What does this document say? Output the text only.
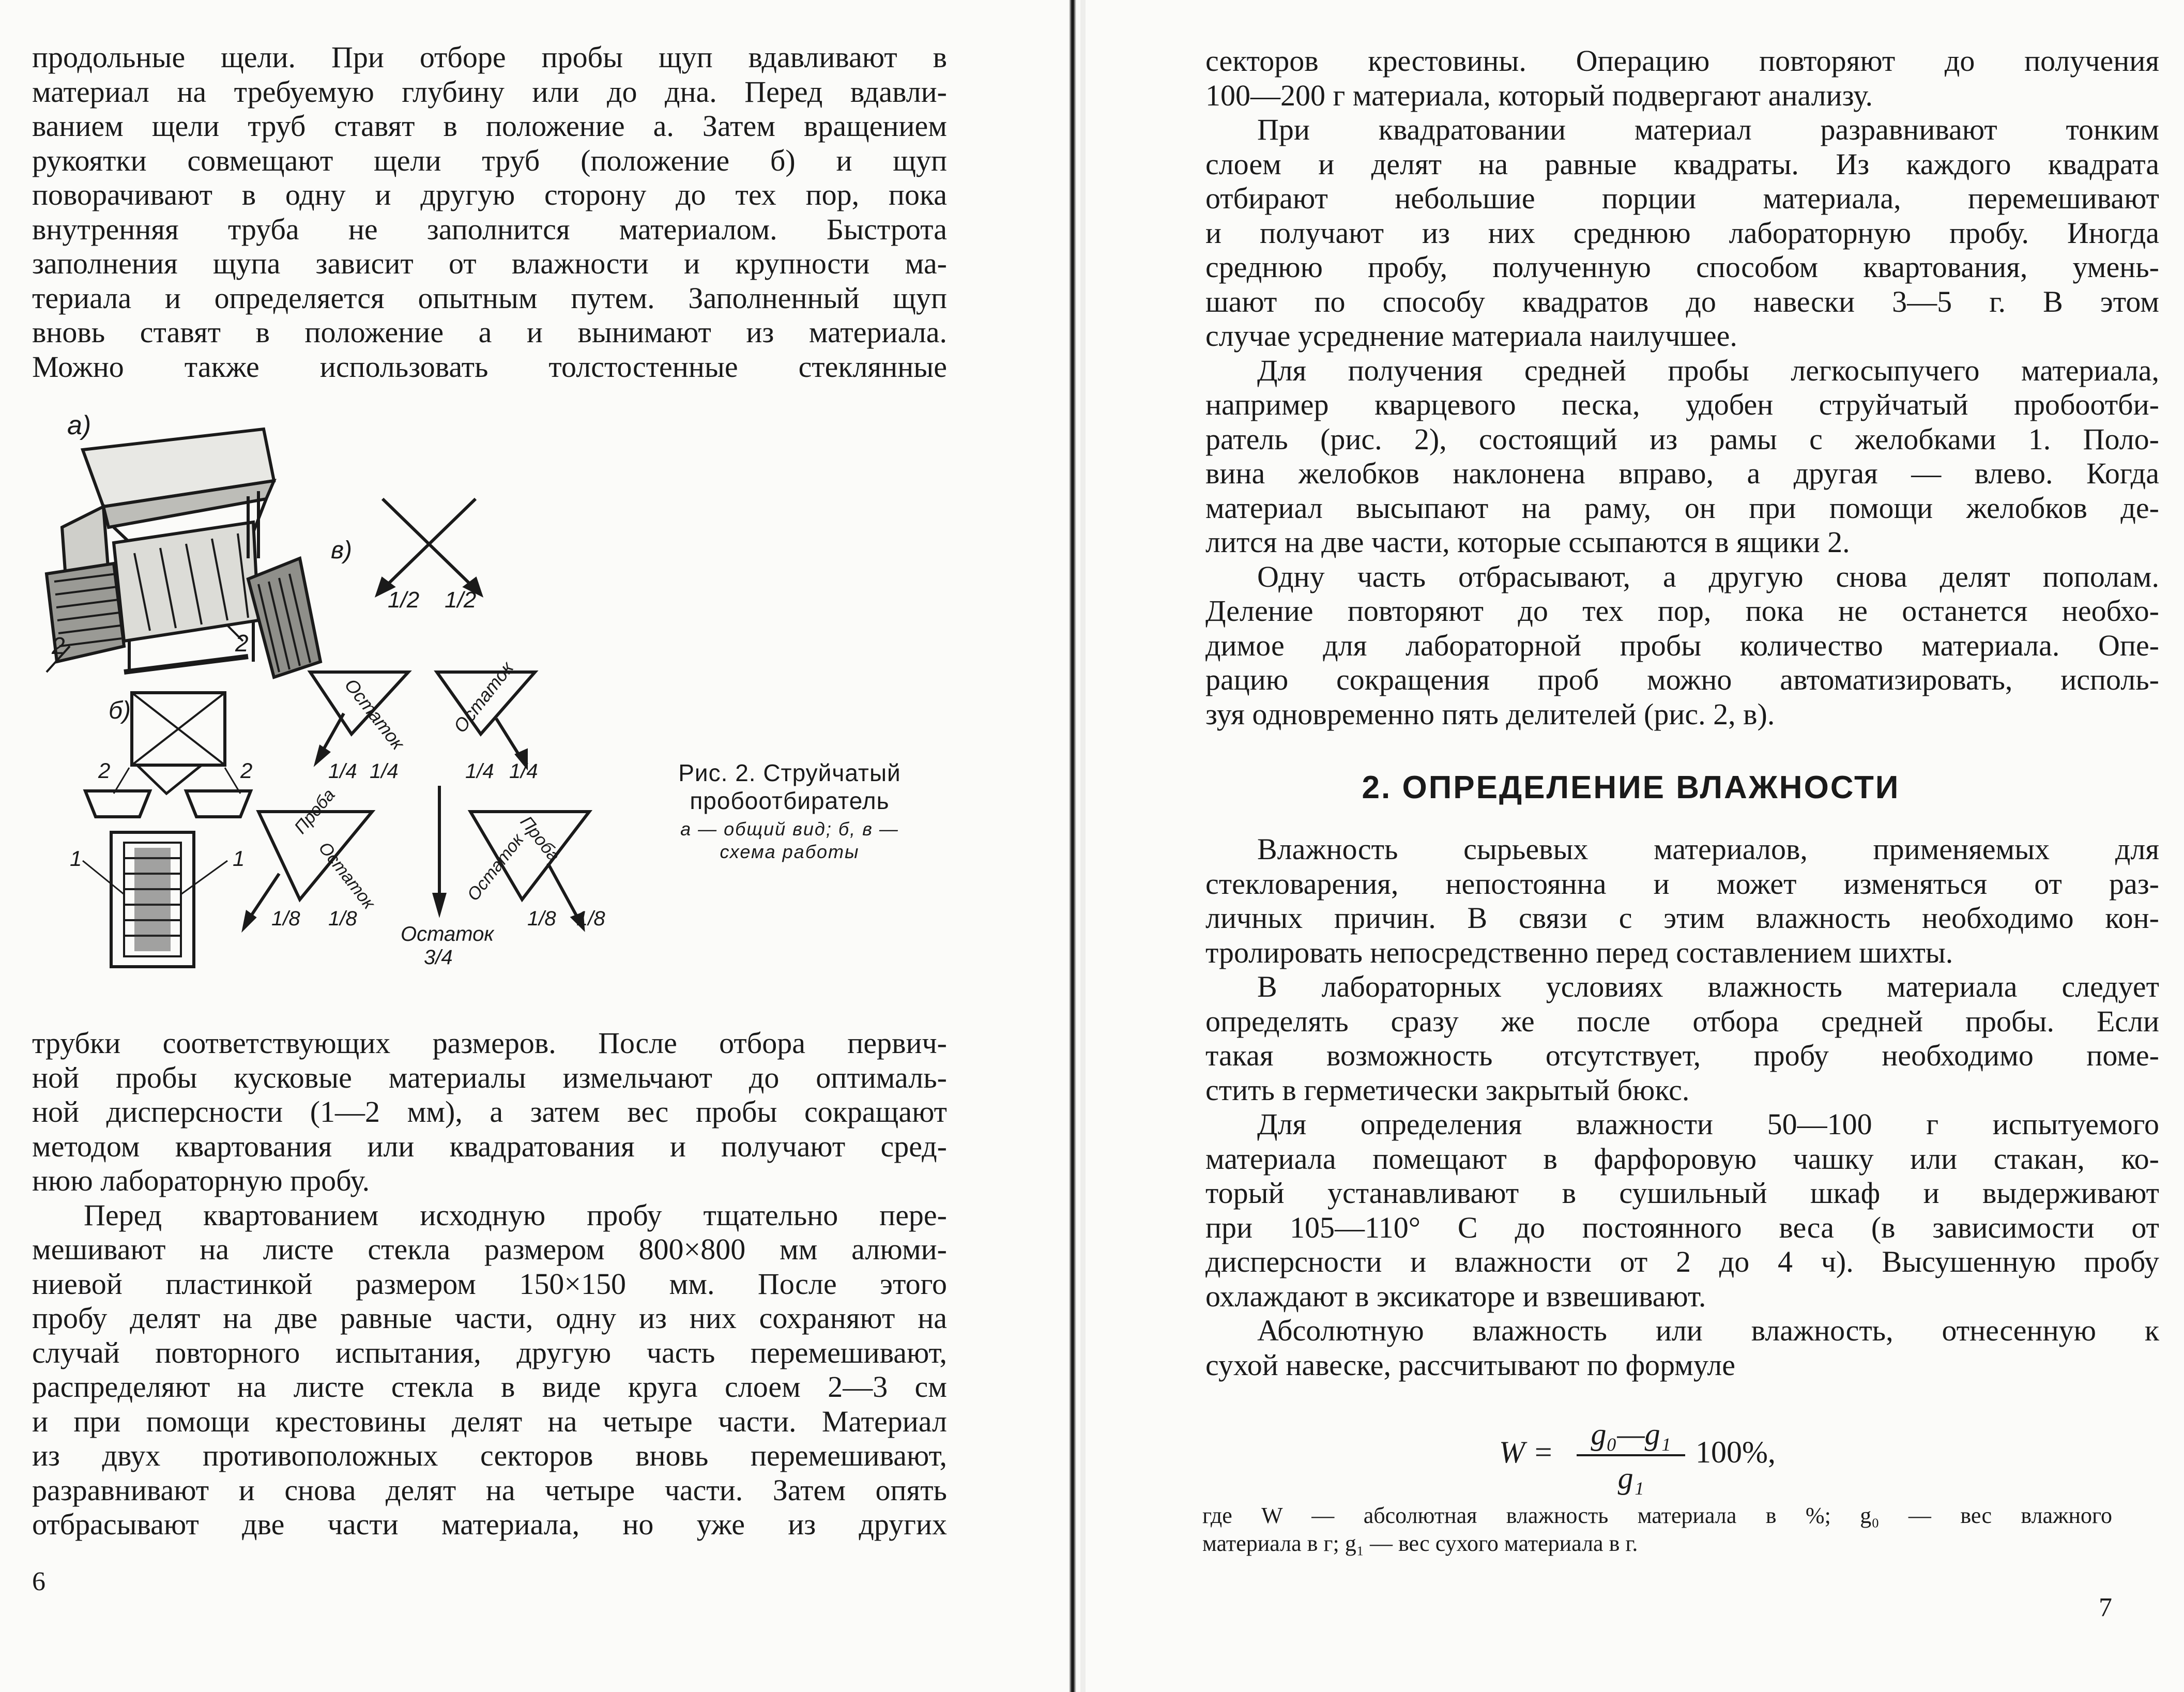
продольные щели. При отборе пробы щуп вдавливают в

материал на требуемую глубину или до дна. Перед вдавли-

ванием щели труб ставят в положение а. Затем вращением

рукоятки совмещают щели труб (положение б) и щуп

поворачивают в одну и другую сторону до тех пор, пока

внутренняя труба не заполнится материалом. Быстрота

заполнения щупа зависит от влажности и крупности ма-

териала и определяется опытным путем. Заполненный щуп

вновь ставят в положение а и вынимают из материала.

Можно также использовать толстостенные стеклянные

а)
в)
б)
2	2
2	2
1	1
1/2 1/2
1/4 1/4	1/4 1/4
1/8 1/8	1/8 1/8
Остаток
3/4
Остаток Остаток
Проба
Остаток	Остаток
Проба
Рис. 2. Струйчатый
пробоотбиратель
а — общий вид; б, в —
схема работы

трубки соответствующих размеров. После отбора первич-

ной пробы кусковые материалы измельчают до оптималь-

ной дисперсности (1—2 мм), а затем вес пробы сокращают

методом квартования или квадратования и получают сред-

нюю лабораторную пробу.

Перед квартованием исходную пробу тщательно пере-

мешивают на листе стекла размером 800×800 мм алюми-

ниевой пластинкой размером 150×150 мм. После этого

пробу делят на две равные части, одну из них сохраняют на

случай повторного испытания, другую часть перемешивают,

распределяют на листе стекла в виде круга слоем 2—3 см

и при помощи крестовины делят на четыре части. Материал

из двух противоположных секторов вновь перемешивают,

разравнивают и снова делят на четыре части. Затем опять

отбрасывают две части материала, но уже из других

6

секторов крестовины. Операцию повторяют до получения

100—200 г материала, который подвергают анализу.

При квадратовании материал разравнивают тонким

слоем и делят на равные квадраты. Из каждого квадрата

отбирают небольшие порции материала, перемешивают

и получают из них среднюю лабораторную пробу. Иногда

среднюю пробу, полученную способом квартования, умень-

шают по способу квадратов до навески 3—5 г. В этом

случае усреднение материала наилучшее.

Для получения средней пробы легкосыпучего материала,

например кварцевого песка, удобен струйчатый пробоотби-

ратель (рис. 2), состоящий из рамы с желобками 1. Поло-

вина желобков наклонена вправо, а другая — влево. Когда

материал высыпают на раму, он при помощи желобков де-

лится на две части, которые ссыпаются в ящики 2.

Одну часть отбрасывают, а другую снова делят пополам.

Деление повторяют до тех пор, пока не останется необхо-

димое для лабораторной пробы количество материала. Опе-

рацию сокращения проб можно автоматизировать, исполь-

зуя одновременно пять делителей (рис. 2, в).

Влажность сырьевых материалов, применяемых для

стекловарения, непостоянна и может изменяться от раз-

личных причин. В связи с этим влажность необходимо кон-

тролировать непосредственно перед составлением шихты.

В лабораторных условиях влажность материала следует

определять сразу же после отбора средней пробы. Если

такая возможность отсутствует, пробу необходимо поме-

стить в герметически закрытый бюкс.

Для определения влажности 50—100 г испытуемого

материала помещают в фарфоровую чашку или стакан, ко-

торый устанавливают в сушильный шкаф и выдерживают

при 105—110° С до постоянного веса (в зависимости от

дисперсности и влажности от 2 до 4 ч). Высушенную пробу

охлаждают в эксикаторе и взвешивают.

Абсолютную влажность или влажность, отнесенную к

сухой навеске, рассчитывают по формуле

7
2. ОПРЕДЕЛЕНИЕ ВЛАЖНОСТИ
W =
g₀—g₁
g₁
100%,

где W — абсолютная влажность материала в %; g₀ — вес влажного

материала в г; g₁ — вес сухого материала в г.
